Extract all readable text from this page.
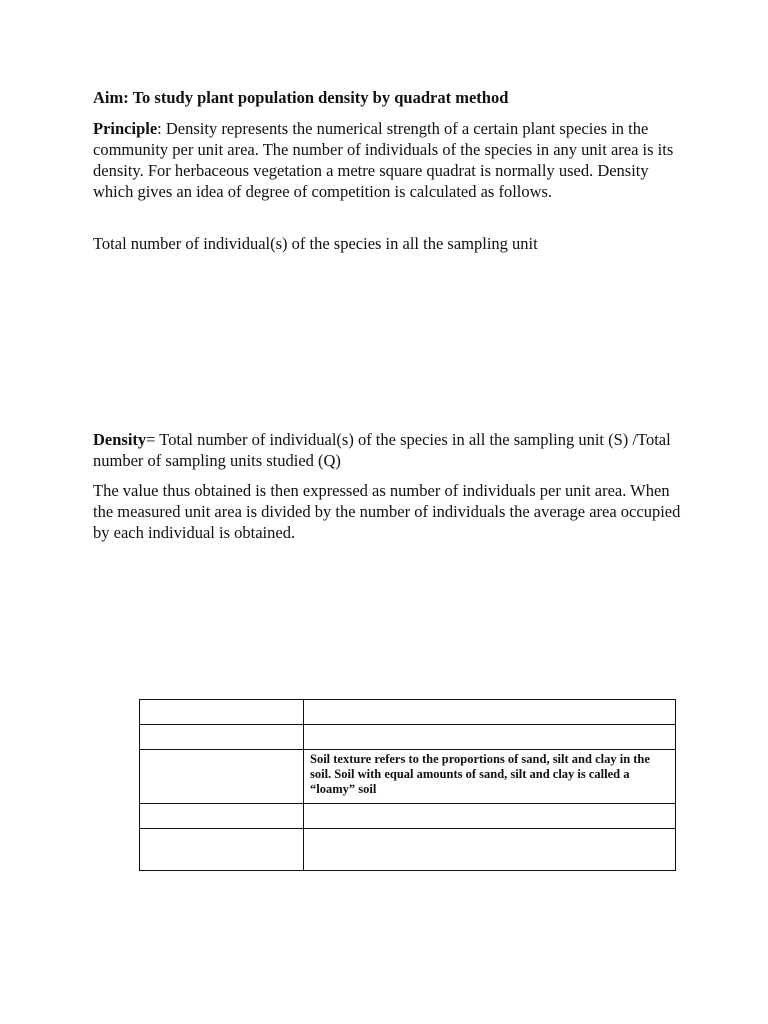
Aim: To study plant population density by quadrat method

Principle: Density represents the numerical strength of a certain plant species in the community per unit area. The number of individuals of the species in any unit area is its density. For herbaceous vegetation a metre square quadrat is normally used. Density which gives an idea of degree of competition is calculated as follows.

Total number of individual(s) of the species in all the sampling unit

Density= Total number of individual(s) of the species in all the sampling unit (S) /Total number of sampling units studied (Q)

The value thus obtained is then expressed as number of individuals per unit area. When the measured unit area is divided by the number of individuals the average area occupied by each individual is obtained.

	Soil texture refers to the proportions of sand, silt and clay in the soil. Soil with equal amounts of sand, silt and clay is called a “loamy” soil
